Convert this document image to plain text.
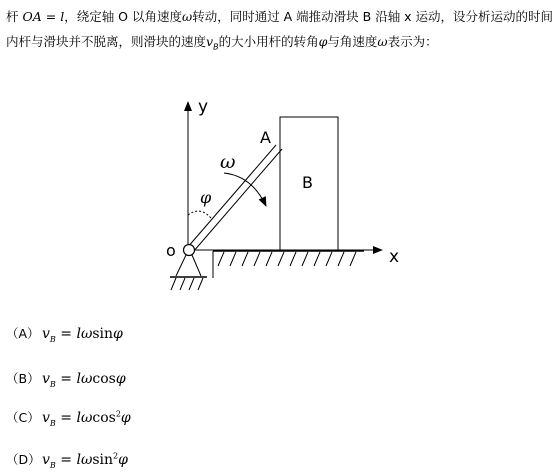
杆 OA = l，绕定轴 O 以角速度ω转动，同时通过 A 端推动滑块 B 沿轴 x 运动，设分析运动的时间内杆与滑块并不脱离，则滑块的速度$v_B$的大小用杆的转角φ与角速度ω表示为：
y
x
B
A
ω
φ
o
（A） $v_B = l\omega\sin\varphi$
（B） $v_B = l\omega\cos\varphi$
（C） $v_B = l\omega\cos^2\varphi$
$(D)v_B = l\omega\sin^2\varphi$
